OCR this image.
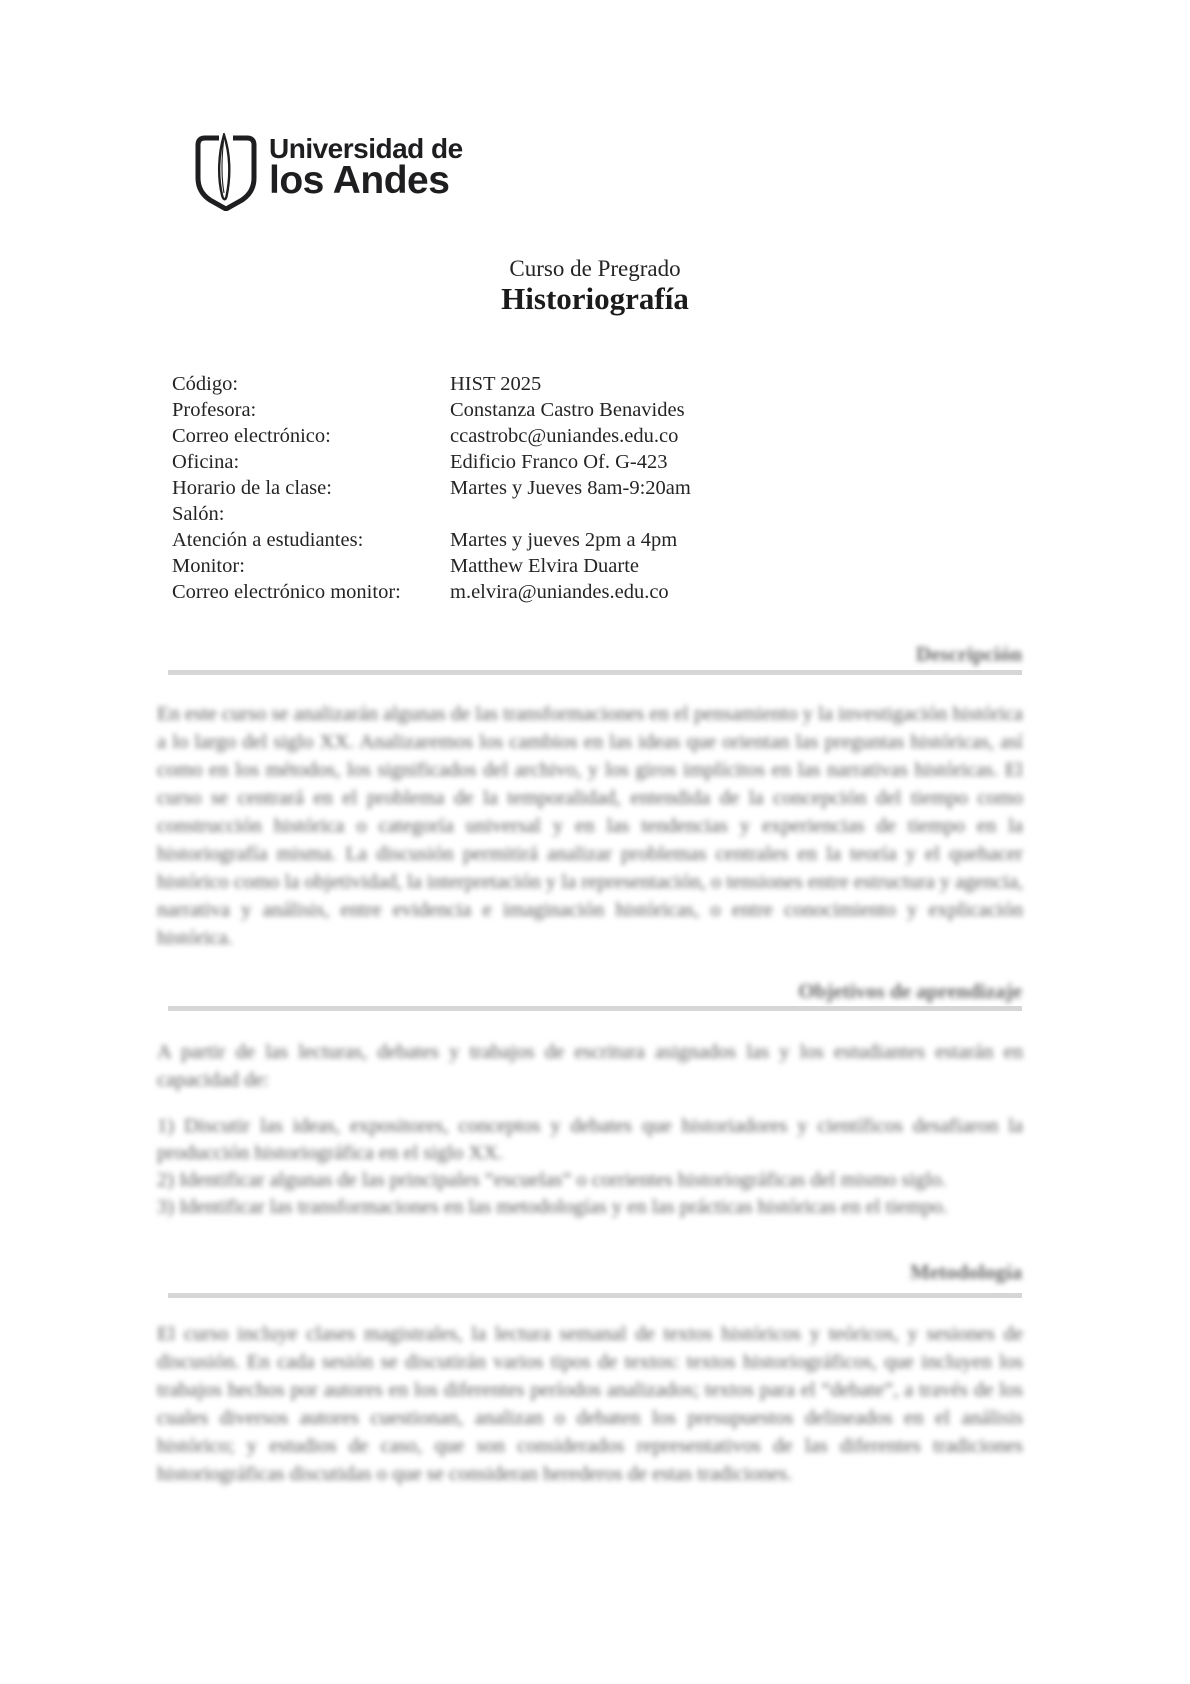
Universidad de
los Andes
Curso de Pregrado
Historiografía
Código:	HIST 2025
Profesora:	Constanza Castro Benavides
Correo electrónico:	ccastrobc@uniandes.edu.co
Oficina:	Edificio Franco Of. G-423
Horario de la clase:	Martes y Jueves 8am-9:20am
Salón:
Atención a estudiantes:	Martes y jueves 2pm a 4pm
Monitor:	Matthew Elvira Duarte
Correo electrónico monitor:	m.elvira@uniandes.edu.co
Descripción
En este curso se analizarán algunas de las transformaciones en el pensamiento y la investigación histórica a lo largo del siglo XX. Analizaremos los cambios en las ideas que orientan las preguntas históricas, así como en los métodos, los significados del archivo, y los giros implícitos en las narrativas históricas. El curso se centrará en el problema de la temporalidad, entendida de la concepción del tiempo como construcción histórica o categoría universal y en las tendencias y experiencias de tiempo en la historiografía misma. La discusión permitirá analizar problemas centrales en la teoría y el quehacer histórico como la objetividad, la interpretación y la representación, o tensiones entre estructura y agencia, narrativa y análisis, entre evidencia e imaginación históricas, o entre conocimiento y explicación histórica.
Objetivos de aprendizaje
A partir de las lecturas, debates y trabajos de escritura asignados las y los estudiantes estarán en capacidad de:

1) Discutir las ideas, expositores, conceptos y debates que historiadores y científicos desafiaron la producción historiográfica en el siglo XX.

2) Identificar algunas de las principales “escuelas” o corrientes historiográficas del mismo siglo.

3) Identificar las transformaciones en las metodologías y en las prácticas históricas en el tiempo.

Metodología
El curso incluye clases magistrales, la lectura semanal de textos históricos y teóricos, y sesiones de discusión. En cada sesión se discutirán varios tipos de textos: textos historiográficos, que incluyen los trabajos hechos por autores en los diferentes períodos analizados; textos para el “debate”, a través de los cuales diversos autores cuestionan, analizan o debaten los presupuestos delineados en el análisis histórico; y estudios de caso, que son considerados representativos de las diferentes tradiciones historiográficas discutidas o que se consideran herederos de estas tradiciones.
